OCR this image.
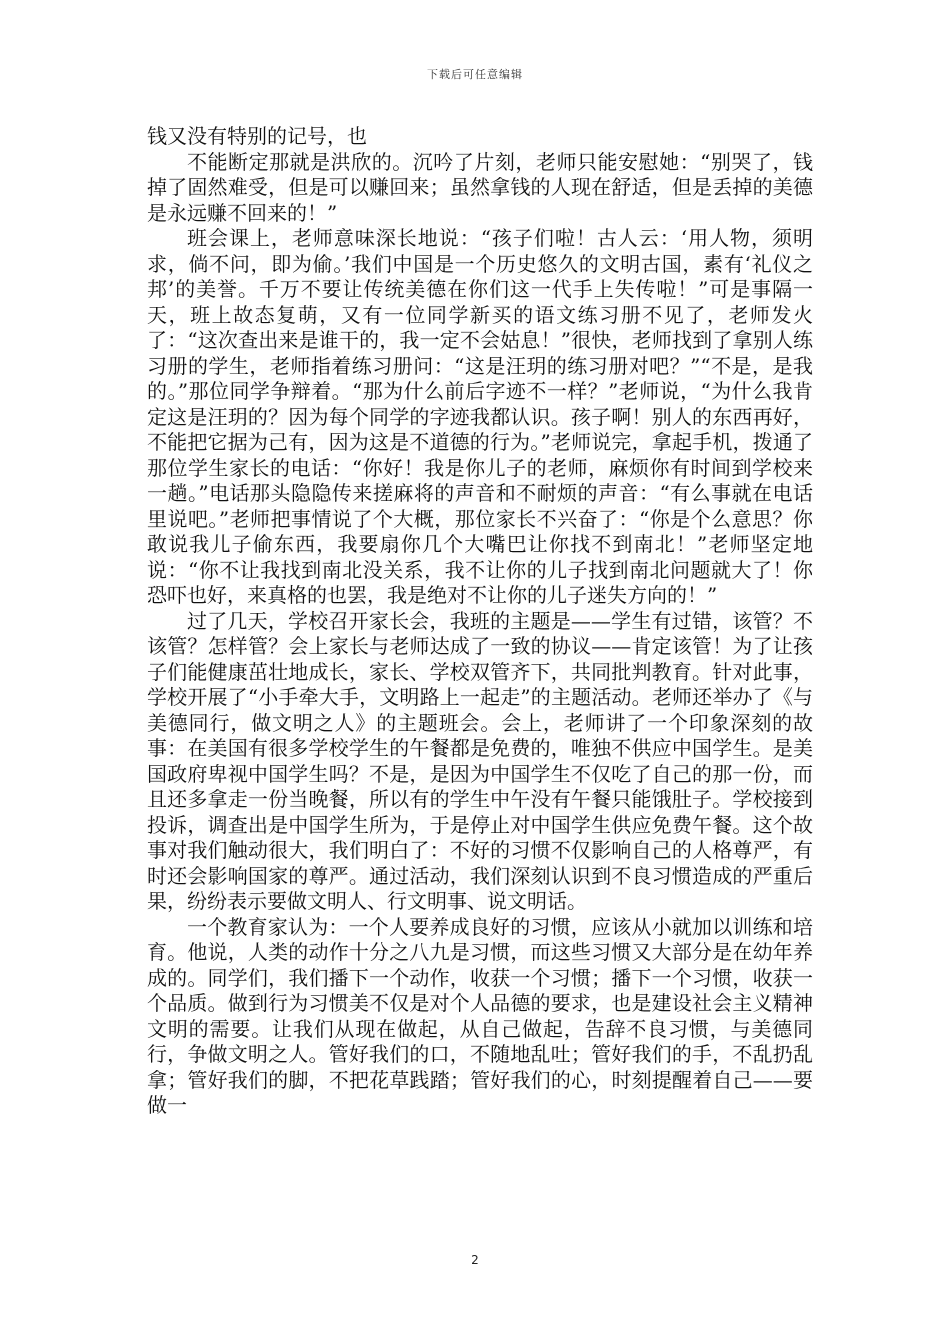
下载后可任意编辑

钱又没有特别的记号，也

不能断定那就是洪欣的。沉吟了片刻，老师只能安慰她：“别哭了，钱掉了固然难受，但是可以赚回来；虽然拿钱的人现在舒适，但是丢掉的美德是永远赚不回来的！”

班会课上，老师意味深长地说：“孩子们啦！古人云：‘用人物，须明求，倘不问，即为偷。’我们中国是一个历史悠久的文明古国，素有‘礼仪之邦’的美誉。千万不要让传统美德在你们这一代手上失传啦！”可是事隔一天，班上故态复萌，又有一位同学新买的语文练习册不见了，老师发火了：“这次查出来是谁干的，我一定不会姑息！”很快，老师找到了拿别人练习册的学生，老师指着练习册问：“这是汪玥的练习册对吧？”“不是，是我的。”那位同学争辩着。“那为什么前后字迹不一样？”老师说，“为什么我肯定这是汪玥的？因为每个同学的字迹我都认识。孩子啊！别人的东西再好，不能把它据为己有，因为这是不道德的行为。”老师说完，拿起手机，拨通了那位学生家长的电话：“你好！我是你儿子的老师，麻烦你有时间到学校来一趟。”电话那头隐隐传来搓麻将的声音和不耐烦的声音：“有么事就在电话里说吧。”老师把事情说了个大概，那位家长不兴奋了：“你是个么意思？你敢说我儿子偷东西，我要扇你几个大嘴巴让你找不到南北！”老师坚定地说：“你不让我找到南北没关系，我不让你的儿子找到南北问题就大了！你恐吓也好，来真格的也罢，我是绝对不让你的儿子迷失方向的！”

过了几天，学校召开家长会，我班的主题是——学生有过错，该管？不该管？怎样管？会上家长与老师达成了一致的协议——肯定该管！为了让孩子们能健康茁壮地成长，家长、学校双管齐下，共同批判教育。针对此事，学校开展了“小手牵大手，文明路上一起走”的主题活动。老师还举办了《与美德同行，做文明之人》的主题班会。会上，老师讲了一个印象深刻的故事：在美国有很多学校学生的午餐都是免费的，唯独不供应中国学生。是美国政府卑视中国学生吗？不是，是因为中国学生不仅吃了自己的那一份，而且还多拿走一份当晚餐，所以有的学生中午没有午餐只能饿肚子。学校接到投诉，调查出是中国学生所为，于是停止对中国学生供应免费午餐。这个故事对我们触动很大，我们明白了：不好的习惯不仅影响自己的人格尊严，有时还会影响国家的尊严。通过活动，我们深刻认识到不良习惯造成的严重后果，纷纷表示要做文明人、行文明事、说文明话。

一个教育家认为：一个人要养成良好的习惯，应该从小就加以训练和培育。他说，人类的动作十分之八九是习惯，而这些习惯又大部分是在幼年养成的。同学们，我们播下一个动作，收获一个习惯；播下一个习惯，收获一个品质。做到行为习惯美不仅是对个人品德的要求，也是建设社会主义精神文明的需要。让我们从现在做起，从自己做起，告辞不良习惯，与美德同行，争做文明之人。管好我们的口，不随地乱吐；管好我们的手，不乱扔乱拿；管好我们的脚，不把花草践踏；管好我们的心，时刻提醒着自己——要做一

2
